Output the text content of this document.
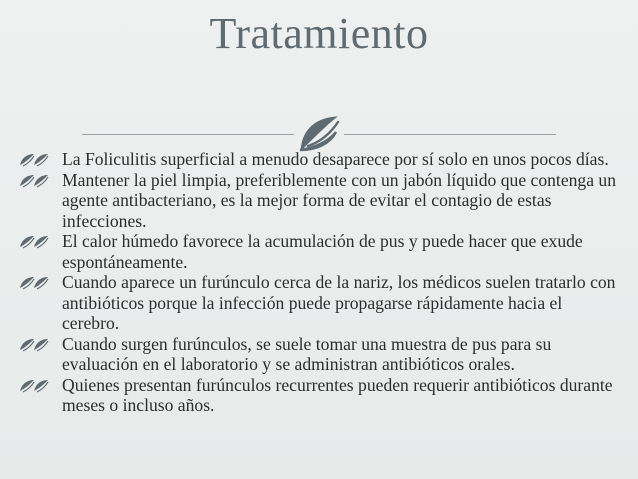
Tratamiento
La Foliculitis superficial a menudo desaparece por sí solo en unos pocos días.
Mantener la piel limpia, preferiblemente con un jabón líquido que contenga un agente antibacteriano, es la mejor forma de evitar el contagio de estas infecciones.
El calor húmedo favorece la acumulación de pus y puede hacer que exude espontáneamente.
Cuando aparece un furúnculo cerca de la nariz, los médicos suelen tratarlo con antibióticos porque la infección puede propagarse rápidamente hacia el cerebro.
Cuando surgen furúnculos, se suele tomar una muestra de pus para su evaluación en el laboratorio y se administran antibióticos orales.
Quienes presentan furúnculos recurrentes pueden requerir antibióticos durante meses o incluso años.
